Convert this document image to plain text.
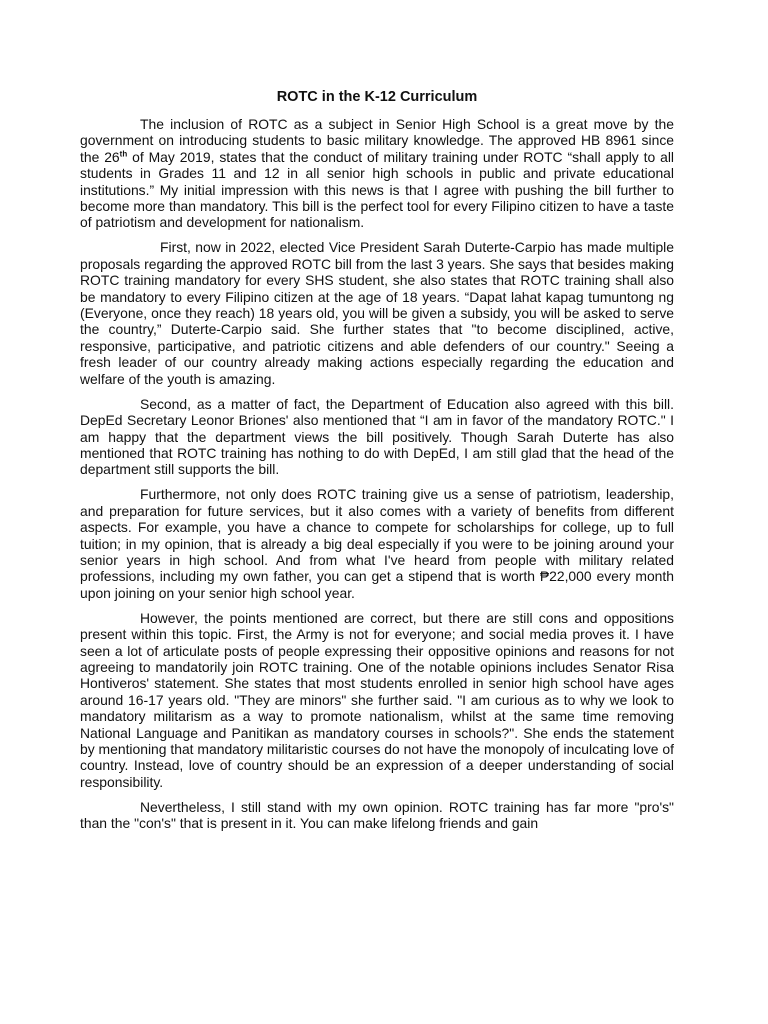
ROTC in the K-12 Curriculum

The inclusion of ROTC as a subject in Senior High School is a great move by the government on introducing students to basic military knowledge. The approved HB 8961 since the 26th of May 2019, states that the conduct of military training under ROTC “shall apply to all students in Grades 11 and 12 in all senior high schools in public and private educational institutions.” My initial impression with this news is that I agree with pushing the bill further to become more than mandatory. This bill is the perfect tool for every Filipino citizen to have a taste of patriotism and development for nationalism.

First, now in 2022, elected Vice President Sarah Duterte-Carpio has made multiple proposals regarding the approved ROTC bill from the last 3 years. She says that besides making ROTC training mandatory for every SHS student, she also states that ROTC training shall also be mandatory to every Filipino citizen at the age of 18 years. “Dapat lahat kapag tumuntong ng (Everyone, once they reach) 18 years old, you will be given a subsidy, you will be asked to serve the country,” Duterte-Carpio said. She further states that "to become disciplined, active, responsive, participative, and patriotic citizens and able defenders of our country." Seeing a fresh leader of our country already making actions especially regarding the education and welfare of the youth is amazing.

Second, as a matter of fact, the Department of Education also agreed with this bill. DepEd Secretary Leonor Briones' also mentioned that “I am in favor of the mandatory ROTC." I am happy that the department views the bill positively. Though Sarah Duterte has also mentioned that ROTC training has nothing to do with DepEd, I am still glad that the head of the department still supports the bill.

Furthermore, not only does ROTC training give us a sense of patriotism, leadership, and preparation for future services, but it also comes with a variety of benefits from different aspects. For example, you have a chance to compete for scholarships for college, up to full tuition; in my opinion, that is already a big deal especially if you were to be joining around your senior years in high school. And from what I've heard from people with military related professions, including my own father, you can get a stipend that is worth ₱22,000 every month upon joining on your senior high school year.

However, the points mentioned are correct, but there are still cons and oppositions present within this topic. First, the Army is not for everyone; and social media proves it. I have seen a lot of articulate posts of people expressing their oppositive opinions and reasons for not agreeing to mandatorily join ROTC training. One of the notable opinions includes Senator Risa Hontiveros' statement. She states that most students enrolled in senior high school have ages around 16-17 years old. "They are minors" she further said. "I am curious as to why we look to mandatory militarism as a way to promote nationalism, whilst at the same time removing National Language and Panitikan as mandatory courses in schools?". She ends the statement by mentioning that mandatory militaristic courses do not have the monopoly of inculcating love of country. Instead, love of country should be an expression of a deeper understanding of social responsibility.

Nevertheless, I still stand with my own opinion. ROTC training has far more "pro's" than the "con's" that is present in it. You can make lifelong friends and gain
